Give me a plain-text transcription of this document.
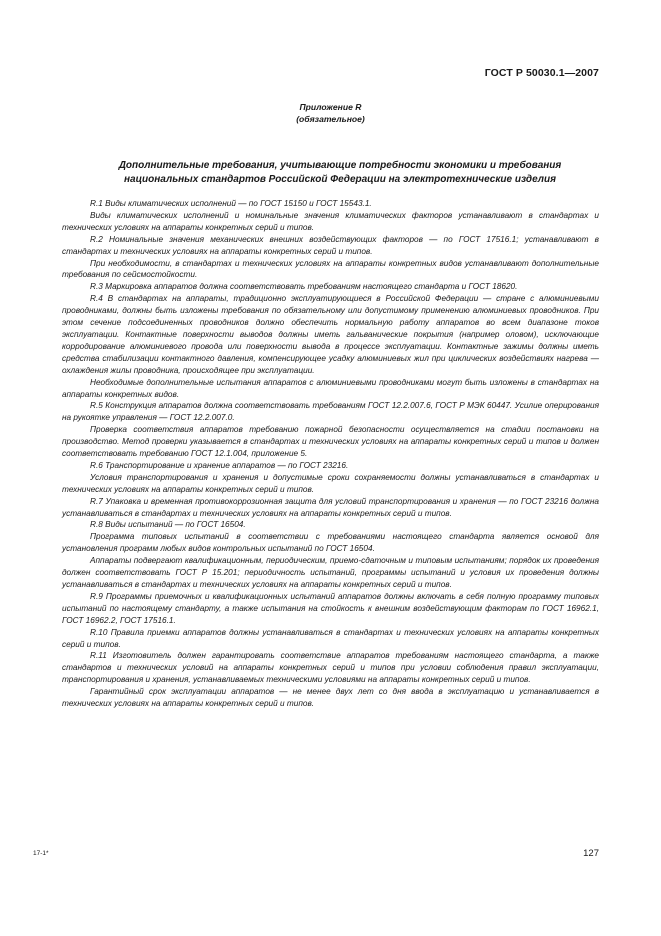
ГОСТ Р 50030.1—2007
Приложение R
(обязательное)
Дополнительные требования, учитывающие потребности экономики и требования
национальных стандартов Российской Федерации на электротехнические изделия

R.1 Виды климатических исполнений — по ГОСТ 15150 и ГОСТ 15543.1.

Виды климатических исполнений и номинальные значения климатических факторов устанавливают в стандартах и технических условиях на аппараты конкретных серий и типов.

R.2 Номинальные значения механических внешних воздействующих факторов — по ГОСТ 17516.1; устанавливают в стандартах и технических условиях на аппараты конкретных серий и типов.

При необходимости, в стандартах и технических условиях на аппараты конкретных видов устанавливают дополнительные требования по сейсмостойкости.

R.3 Маркировка аппаратов должна соответствовать требованиям настоящего стандарта и ГОСТ 18620.

R.4 В стандартах на аппараты, традиционно эксплуатирующиеся в Российской Федерации — стране с алюминиевыми проводниками, должны быть изложены требования по обязательному или допустимому применению алюминиевых проводников. При этом сечение подсоединенных проводников должно обеспечить нормальную работу аппаратов во всем диапазоне токов эксплуатации. Контактные поверхности выводов должны иметь гальванические покрытия (например оловом), исключающие корродирование алюминиевого провода или поверхности вывода в процессе эксплуатации. Контактные зажимы должны иметь средства стабилизации контактного давления, компенсирующее усадку алюминиевых жил при циклических воздействиях нагрева — охлаждения жилы проводника, происходящее при эксплуатации.

Необходимые дополнительные испытания аппаратов с алюминиевыми проводниками могут быть изложены в стандартах на аппараты конкретных видов.

R.5 Конструкция аппаратов должна соответствовать требованиям ГОСТ 12.2.007.6, ГОСТ Р МЭК 60447. Усилие оперирования на рукоятке управления — ГОСТ 12.2.007.0.

Проверка соответствия аппаратов требованию пожарной безопасности осуществляется на стадии постановки на производство. Метод проверки указывается в стандартах и технических условиях на аппараты конкретных серий и типов и должен соответствовать требованию ГОСТ 12.1.004, приложение 5.

R.6 Транспортирование и хранение аппаратов — по ГОСТ 23216.

Условия транспортирования и хранения и допустимые сроки сохраняемости должны устанавливаться в стандартах и технических условиях на аппараты конкретных серий и типов.

R.7 Упаковка и временная противокоррозионная защита для условий транспортирования и хранения — по ГОСТ 23216 должна устанавливаться в стандартах и технических условиях на аппараты конкретных серий и типов.

R.8 Виды испытаний — по ГОСТ 16504.

Программа типовых испытаний в соответствии с требованиями настоящего стандарта является основой для установления программ любых видов контрольных испытаний по ГОСТ 16504.

Аппараты подвергают квалификационным, периодическим, приемо-сдаточным и типовым испытаниям; порядок их проведения должен соответствовать ГОСТ Р 15.201; периодичность испытаний, программы испытаний и условия их проведения должны устанавливаться в стандартах и технических условиях на аппараты конкретных серий и типов.

R.9 Программы приемочных и квалификационных испытаний аппаратов должны включать в себя полную программу типовых испытаний по настоящему стандарту, а также испытания на стойкость к внешним воздействующим факторам по ГОСТ 16962.1, ГОСТ 16962.2, ГОСТ 17516.1.

R.10 Правила приемки аппаратов должны устанавливаться в стандартах и технических условиях на аппараты конкретных серий и типов.

R.11 Изготовитель должен гарантировать соответствие аппаратов требованиям настоящего стандарта, а также стандартов и технических условий на аппараты конкретных серий и типов при условии соблюдения правил эксплуатации, транспортирования и хранения, устанавливаемых техническими условиями на аппараты конкретных серий и типов.

Гарантийный срок эксплуатации аппаратов — не менее двух лет со дня ввода в эксплуатацию и устанавливается в технических условиях на аппараты конкретных серий и типов.

17-1*	127
